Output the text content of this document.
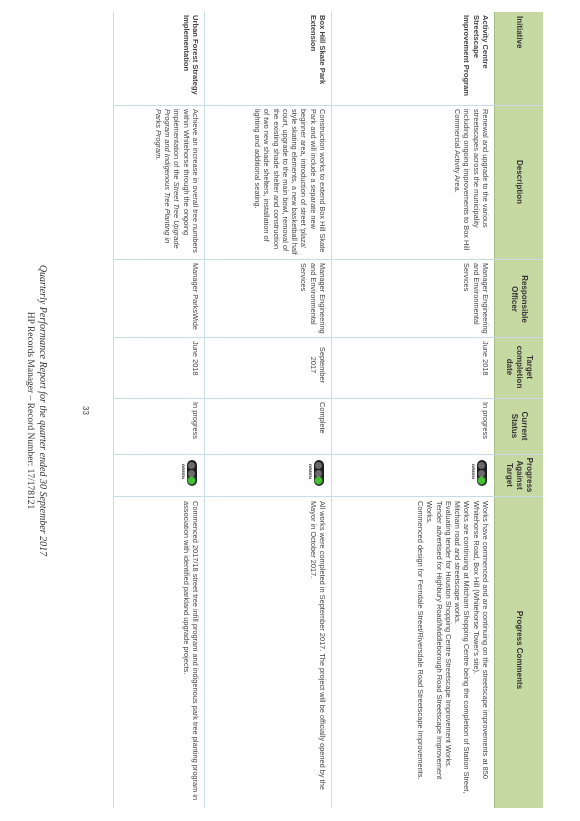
Initiative
Description
Responsible Officer
Target completion date
Current Status
Progress Against Target
Progress Comments
Activity Centre Streetscape Improvement Program
Renewal and upgrade to the various streetscapes across the municipality including ongoing improvements to Box Hill Commercial Activity Area.
Manager Engineering and Environmental Services
June 2018
In progress
GREEN

Works have commenced and are continuing on the streetscape improvements at 850 Whitehorse Road, Box Hill (Whitehorse Tower's site).

Works are continuing at Mitcham Shopping Centre being the completion of Station Street, Mitcham road and streetscape works.

Evaluating tender for Houston Shopping Centre Streetscape Improvement Works.

Tender advertised for Highbury Road/Middleborough Road Streetscape Improvement Works.

Commenced design for Ferndale Street/Riversdale Road Streetscape Improvements.

Box Hill Skate Park Extension
Construction works to extend Box Hill Skate Park and will include a separate new beginner area, introduction of street 'plaza' style skating elements, a new basketball half court, upgrade to the main bowl, removal of the existing shade shelter and construction of two new shade shelters, installation of lighting and additional seating.
Manager Engineering and Environmental Services
September 2017
Complete
GREEN

All works were completed in September 2017. The project will be officially opened by the Mayor in October 2017.

Urban Forest Strategy Implementation
Achieve an increase in overall tree numbers within Whitehorse through the ongoing implementation of the Street Tree Upgrade Program and Indigenous Tree Planting in Parks Program.
Manager ParksWide
June 2018
In progress
GREEN

Commenced 2017/18 street tree infill program and indigenous park tree planting program in association with identified parkland upgrade projects.

33
Quarterly Performance Report for the quarter ended 30 September 2017
HP Records Manager – Record Number: 17/178121
